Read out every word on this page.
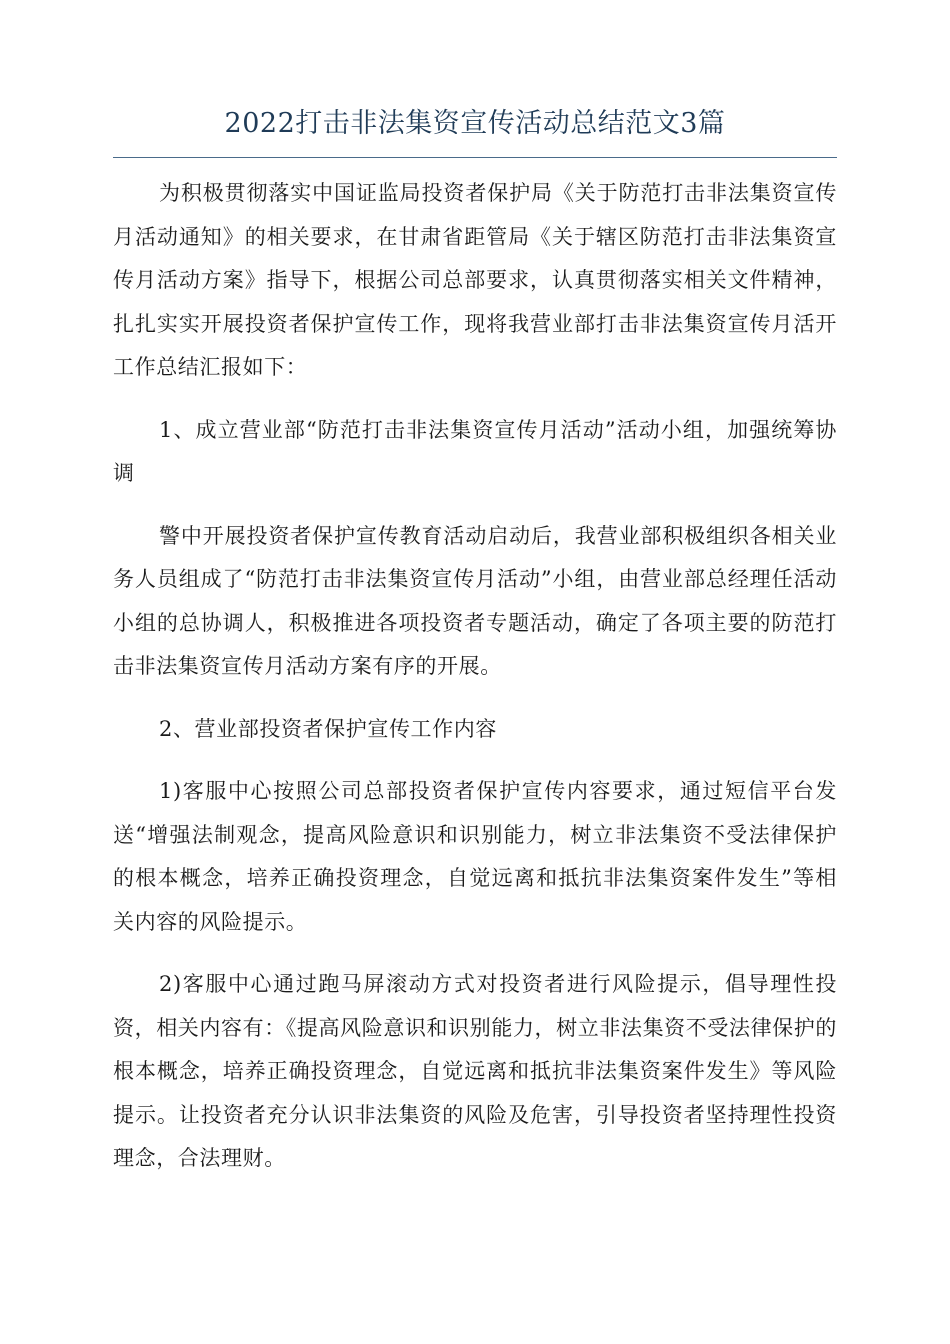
2022打击非法集资宣传活动总结范文3篇

为积极贯彻落实中国证监局投资者保护局《关于防范打击非法集资宣传月活动通知》的相关要求，在甘肃省距管局《关于辖区防范打击非法集资宣传月活动方案》指导下，根据公司总部要求，认真贯彻落实相关文件精神，扎扎实实开展投资者保护宣传工作，现将我营业部打击非法集资宣传月活开工作总结汇报如下：

1、成立营业部“防范打击非法集资宣传月活动”活动小组，加强统筹协调

警中开展投资者保护宣传教育活动启动后，我营业部积极组织各相关业务人员组成了“防范打击非法集资宣传月活动”小组，由营业部总经理任活动小组的总协调人，积极推进各项投资者专题活动，确定了各项主要的防范打击非法集资宣传月活动方案有序的开展。

2、营业部投资者保护宣传工作内容

1)客服中心按照公司总部投资者保护宣传内容要求，通过短信平台发送“增强法制观念，提高风险意识和识别能力，树立非法集资不受法律保护的根本概念，培养正确投资理念，自觉远离和抵抗非法集资案件发生”等相关内容的风险提示。

2)客服中心通过跑马屏滚动方式对投资者进行风险提示，倡导理性投资，相关内容有：《提高风险意识和识别能力，树立非法集资不受法律保护的根本概念，培养正确投资理念，自觉远离和抵抗非法集资案件发生》等风险提示。让投资者充分认识非法集资的风险及危害，引导投资者坚持理性投资理念，合法理财。
